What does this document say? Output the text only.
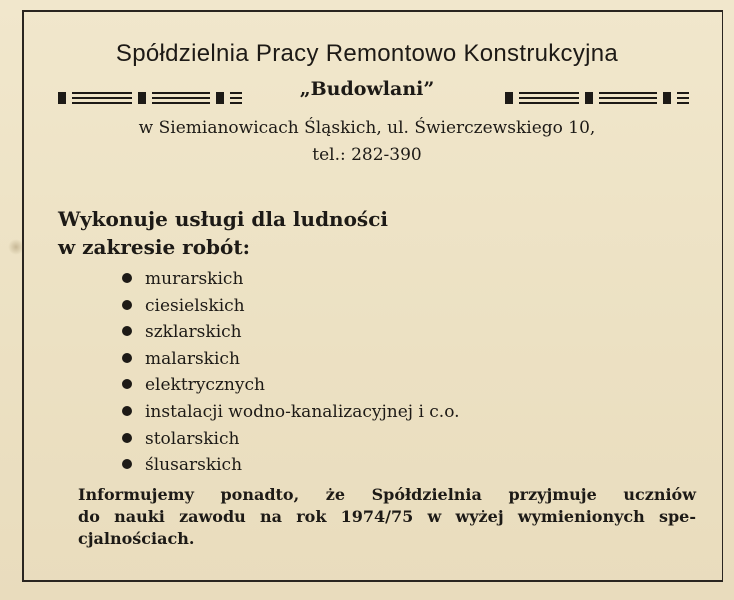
Spółdzielnia Pracy Remontowo Konstrukcyjna
„Budowlani”
w Siemianowicach Śląskich, ul. Świerczewskiego 10,
tel.: 282-390
Wykonuje usługi dla ludności
w zakresie robót:
murarskich
ciesielskich
szklarskich
malarskich
elektrycznych
instalacji wodno-kanalizacyjnej i c.o.
stolarskich
ślusarskich
Informujemy ponadto, że Spółdzielnia przyjmuje uczniów
do nauki zawodu na rok 1974/75 w wyżej wymienionych spe-
cjalnościach.
